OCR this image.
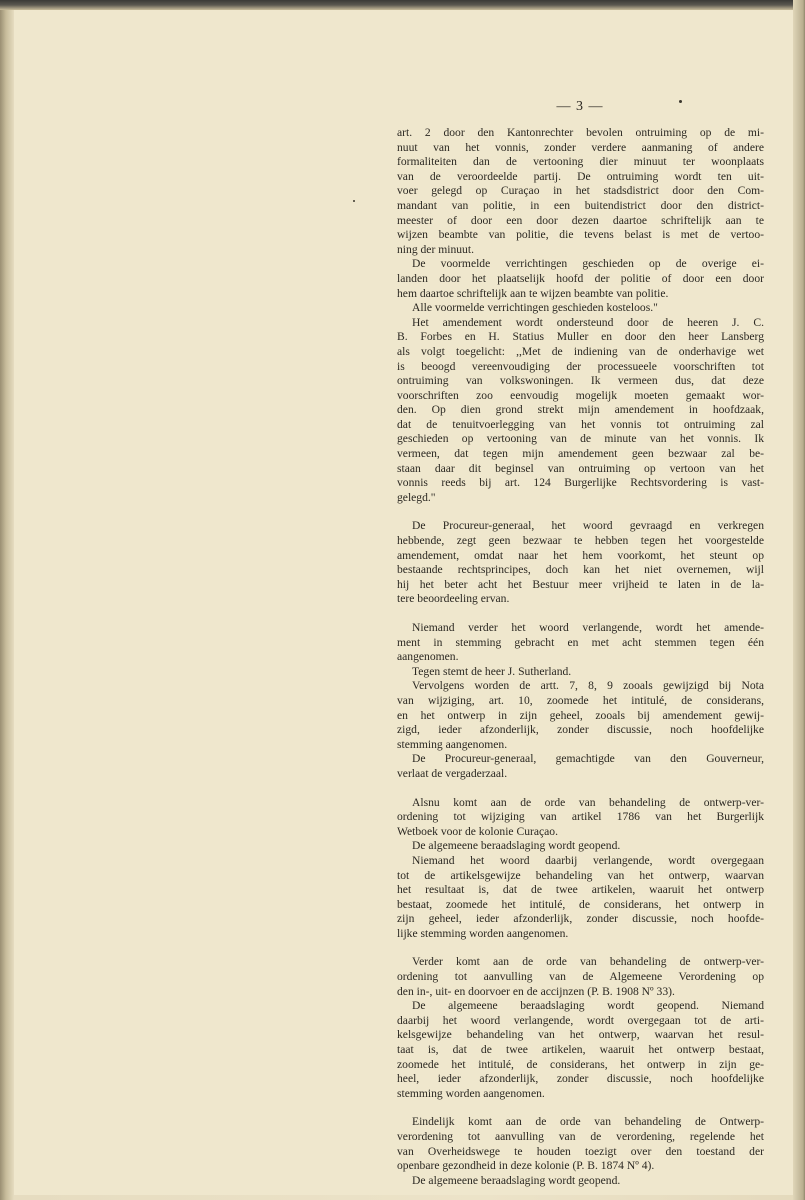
— 3 —

art. 2 door den Kantonrechter bevolen ontruiming op de mi-

nuut van het vonnis, zonder verdere aanmaning of andere

formaliteiten dan de vertooning dier minuut ter woonplaats

van de veroordeelde partij. De ontruiming wordt ten uit-

voer gelegd op Curaçao in het stadsdistrict door den Com-

mandant van politie, in een buitendistrict door den district-

meester of door een door dezen daartoe schriftelijk aan te

wijzen beambte van politie, die tevens belast is met de vertoo-

ning der minuut.

De voormelde verrichtingen geschieden op de overige ei-

landen door het plaatselijk hoofd der politie of door een door

hem daartoe schriftelijk aan te wijzen beambte van politie.

Alle voormelde verrichtingen geschieden kosteloos."

Het amendement wordt ondersteund door de heeren J. C.

B. Forbes en H. Statius Muller en door den heer Lansberg

als volgt toegelicht: ,,Met de indiening van de onderhavige wet

is beoogd vereenvoudiging der processueele voorschriften tot

ontruiming van volkswoningen. Ik vermeen dus, dat deze

voorschriften zoo eenvoudig mogelijk moeten gemaakt wor-

den. Op dien grond strekt mijn amendement in hoofdzaak,

dat de tenuitvoerlegging van het vonnis tot ontruiming zal

geschieden op vertooning van de minute van het vonnis. Ik

vermeen, dat tegen mijn amendement geen bezwaar zal be-

staan daar dit beginsel van ontruiming op vertoon van het

vonnis reeds bij art. 124 Burgerlijke Rechtsvordering is vast-

gelegd."

De Procureur-generaal, het woord gevraagd en verkregen

hebbende, zegt geen bezwaar te hebben tegen het voorgestelde

amendement, omdat naar het hem voorkomt, het steunt op

bestaande rechtsprincipes, doch kan het niet overnemen, wijl

hij het beter acht het Bestuur meer vrijheid te laten in de la-

tere beoordeeling ervan.

Niemand verder het woord verlangende, wordt het amende-

ment in stemming gebracht en met acht stemmen tegen één

aangenomen.

Tegen stemt de heer J. Sutherland.

Vervolgens worden de artt. 7, 8, 9 zooals gewijzigd bij Nota

van wijziging, art. 10, zoomede het intitulé, de considerans,

en het ontwerp in zijn geheel, zooals bij amendement gewij-

zigd, ieder afzonderlijk, zonder discussie, noch hoofdelijke

stemming aangenomen.

De Procureur-generaal, gemachtigde van den Gouverneur,

verlaat de vergaderzaal.

Alsnu komt aan de orde van behandeling de ontwerp-ver-

ordening tot wijziging van artikel 1786 van het Burgerlijk

Wetboek voor de kolonie Curaçao.

De algemeene beraadslaging wordt geopend.

Niemand het woord daarbij verlangende, wordt overgegaan

tot de artikelsgewijze behandeling van het ontwerp, waarvan

het resultaat is, dat de twee artikelen, waaruit het ontwerp

bestaat, zoomede het intitulé, de considerans, het ontwerp in

zijn geheel, ieder afzonderlijk, zonder discussie, noch hoofde-

lijke stemming worden aangenomen.

Verder komt aan de orde van behandeling de ontwerp-ver-

ordening tot aanvulling van de Algemeene Verordening op

den in-, uit- en doorvoer en de accijnzen (P. B. 1908 Nº 33).

De algemeene beraadslaging wordt geopend. Niemand

daarbij het woord verlangende, wordt overgegaan tot de arti-

kelsgewijze behandeling van het ontwerp, waarvan het resul-

taat is, dat de twee artikelen, waaruit het ontwerp bestaat,

zoomede het intitulé, de considerans, het ontwerp in zijn ge-

heel, ieder afzonderlijk, zonder discussie, noch hoofdelijke

stemming worden aangenomen.

Eindelijk komt aan de orde van behandeling de Ontwerp-

verordening tot aanvulling van de verordening, regelende het

van Overheidswege te houden toezigt over den toestand der

openbare gezondheid in deze kolonie (P. B. 1874 Nº 4).

De algemeene beraadslaging wordt geopend.
